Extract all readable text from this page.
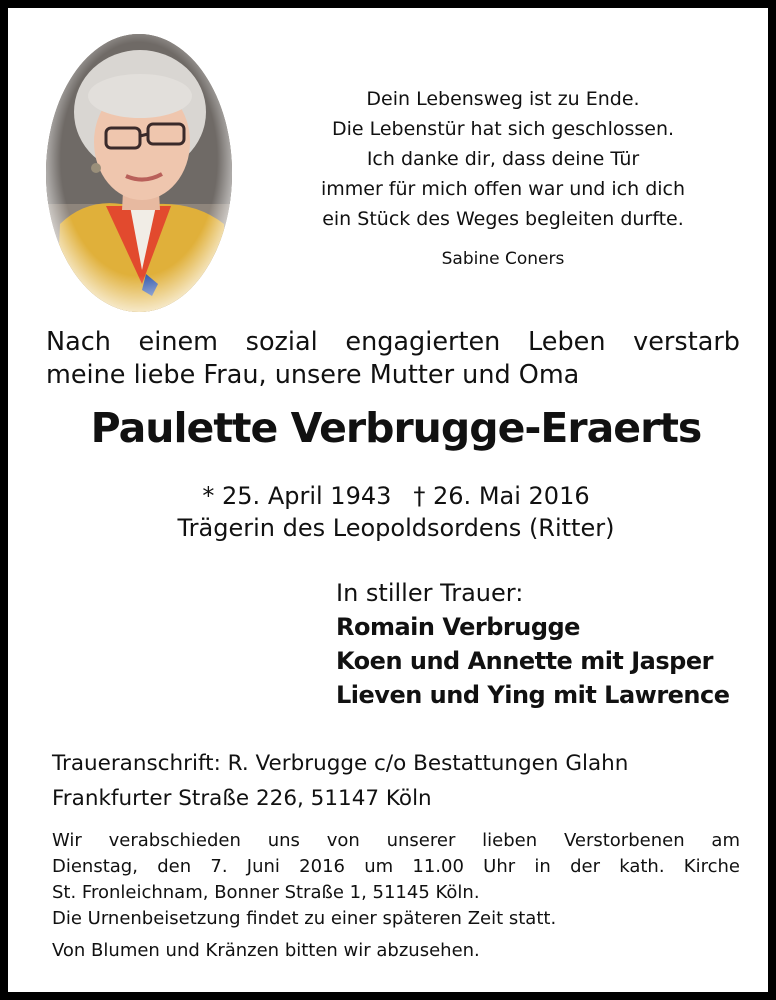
Dein Lebensweg ist zu Ende.
Die Lebenstür hat sich geschlossen.
Ich danke dir, dass deine Tür
immer für mich offen war und ich dich
ein Stück des Weges begleiten durfte.
Sabine Coners
Nach einem sozial engagierten Leben verstarb
meine liebe Frau, unsere Mutter und Oma
Paulette Verbrugge-Eraerts
* 25. April 1943 † 26. Mai 2016
Trägerin des Leopoldsordens (Ritter)
In stiller Trauer:
Romain Verbrugge
Koen und Annette mit Jasper
Lieven und Ying mit Lawrence
Traueranschrift: R. Verbrugge c/o Bestattungen Glahn
Frankfurter Straße 226, 51147 Köln
Wir verabschieden uns von unserer lieben Verstorbenen am
Dienstag, den 7. Juni 2016 um 11.00 Uhr in der kath. Kirche
St. Fronleichnam, Bonner Straße 1, 51145 Köln.
Die Urnenbeisetzung findet zu einer späteren Zeit statt.
Von Blumen und Kränzen bitten wir abzusehen.
